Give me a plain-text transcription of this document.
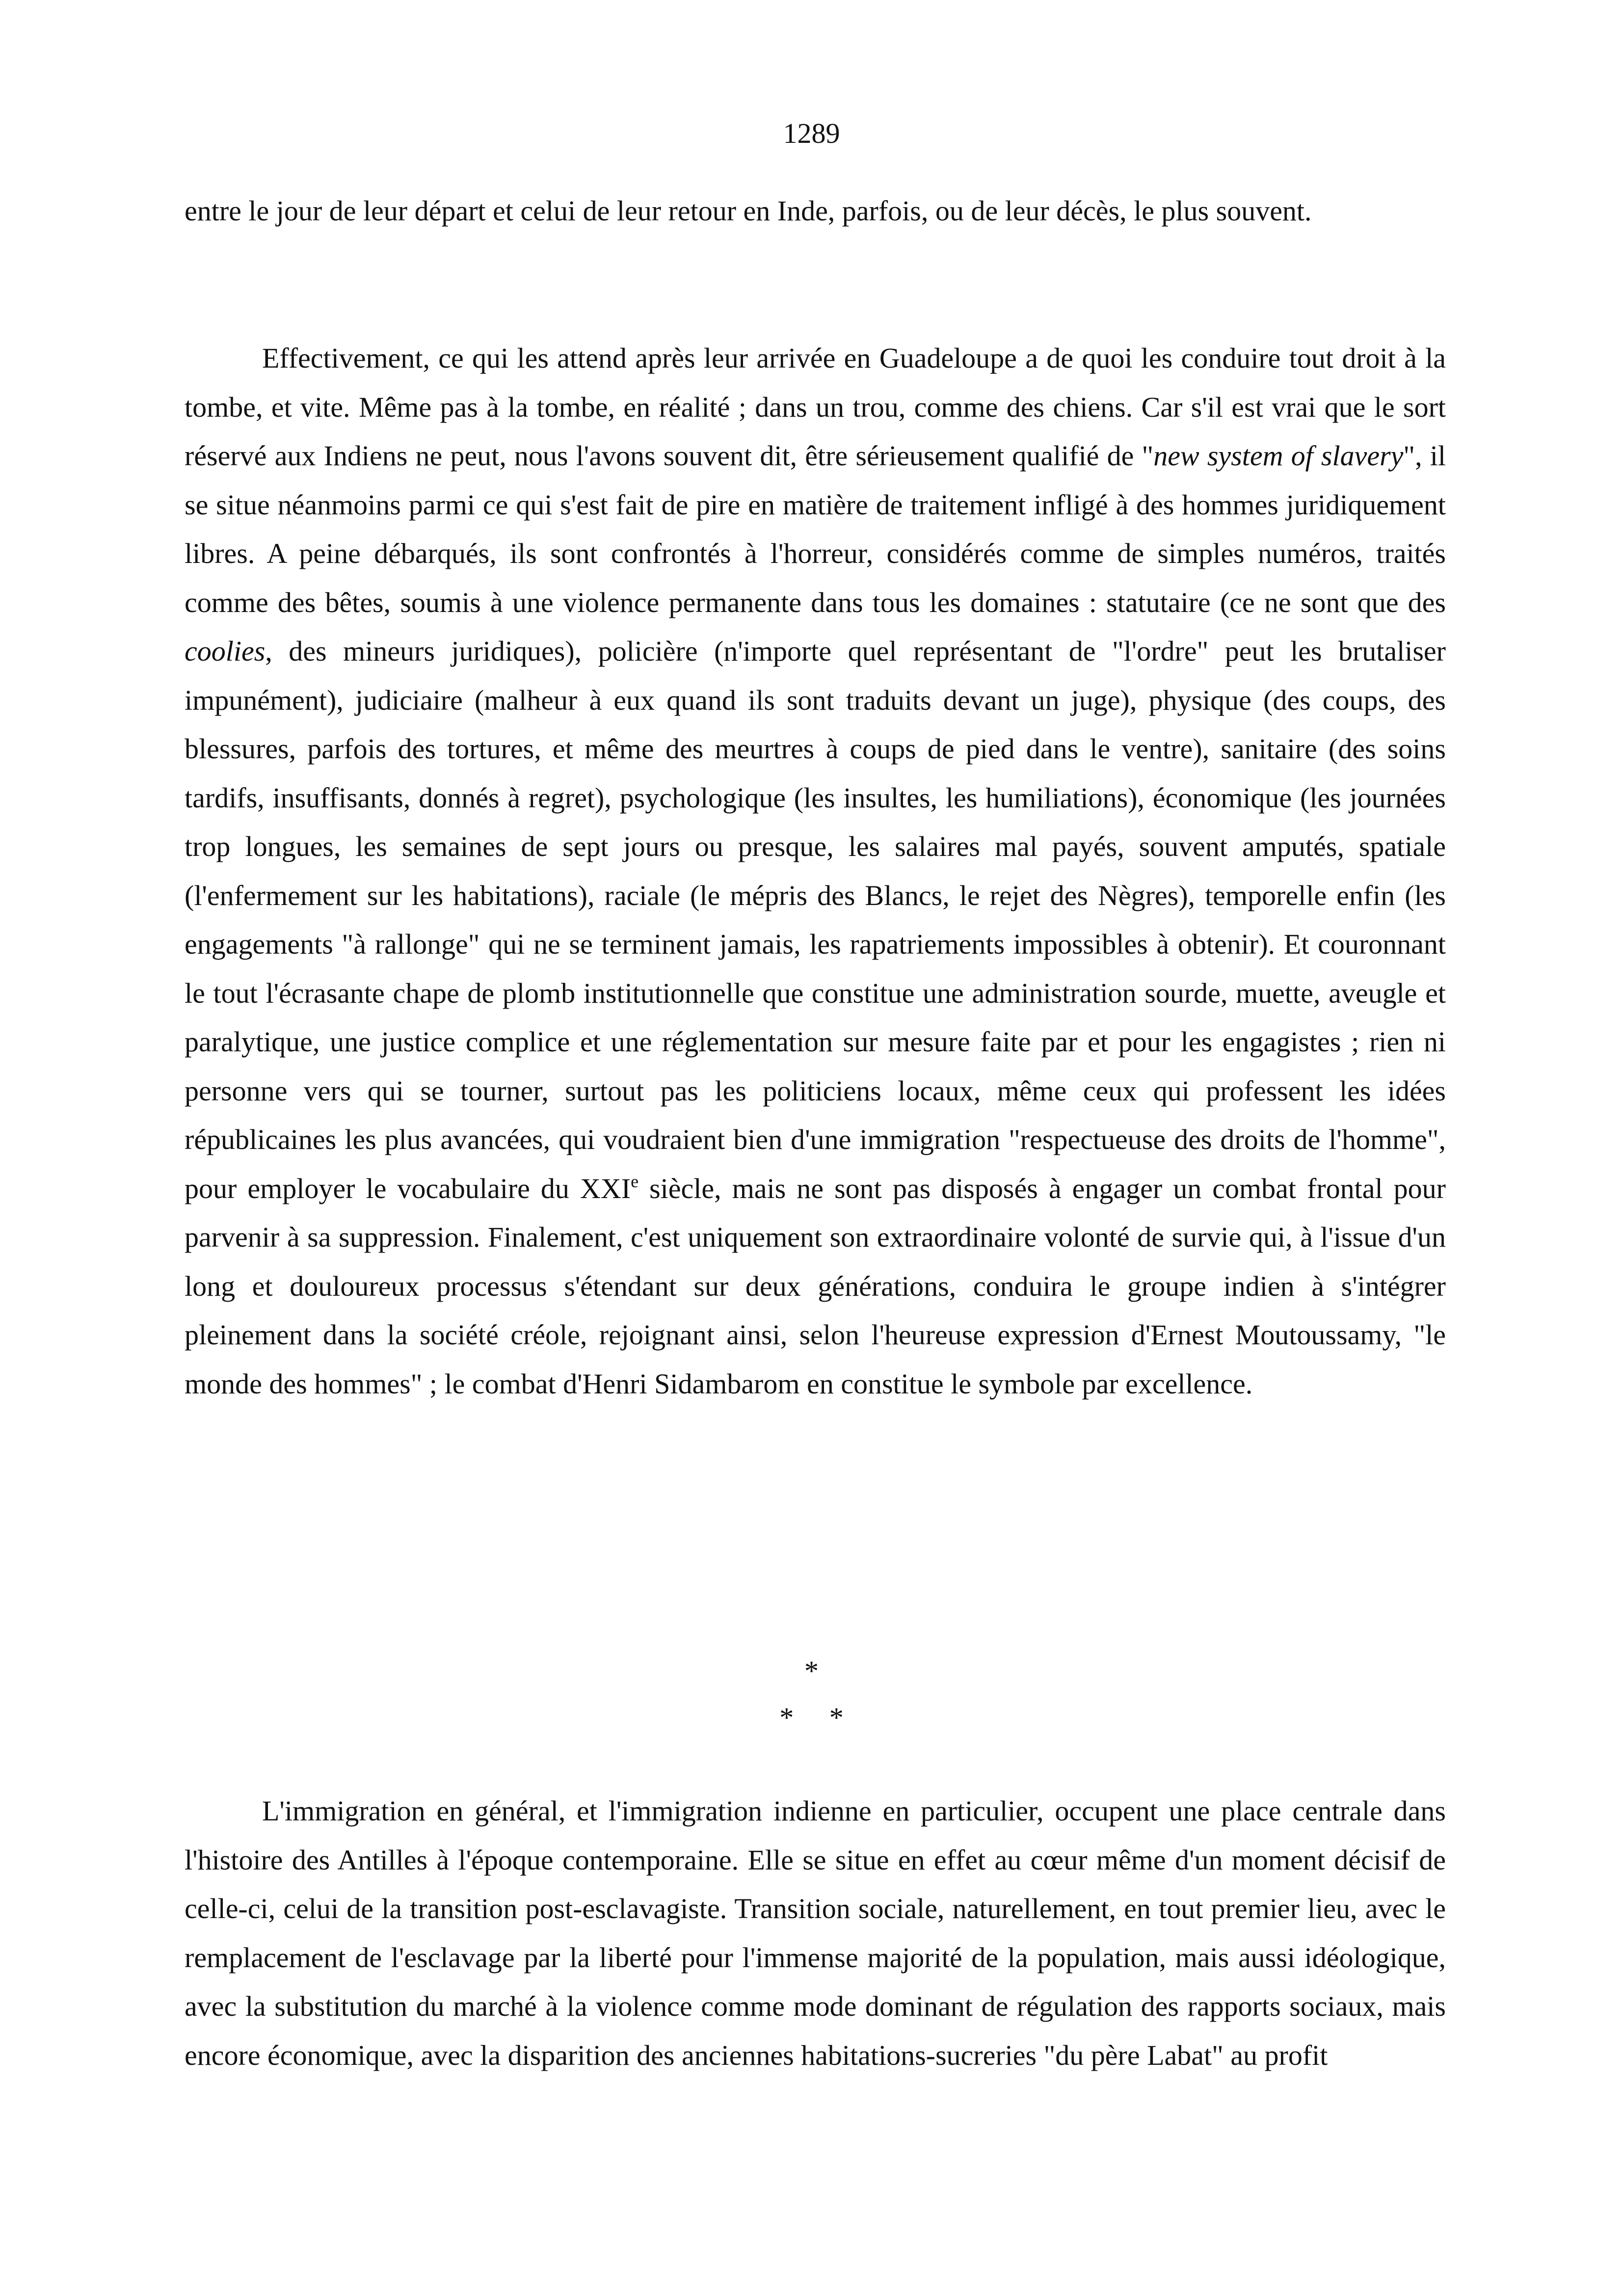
1289

entre le jour de leur départ et celui de leur retour en Inde, parfois, ou de leur décès, le plus souvent.

Effectivement, ce qui les attend après leur arrivée en Guadeloupe a de quoi les conduire tout droit à la tombe, et vite. Même pas à la tombe, en réalité ; dans un trou, comme des chiens. Car s'il est vrai que le sort réservé aux Indiens ne peut, nous l'avons souvent dit, être sérieusement qualifié de "new system of slavery", il se situe néanmoins parmi ce qui s'est fait de pire en matière de traitement infligé à des hommes juridiquement libres. A peine débarqués, ils sont confrontés à l'horreur, considérés comme de simples numéros, traités comme des bêtes, soumis à une violence permanente dans tous les domaines : statutaire (ce ne sont que des coolies, des mineurs juridiques), policière (n'importe quel représentant de "l'ordre" peut les brutaliser impunément), judiciaire (malheur à eux quand ils sont traduits devant un juge), physique (des coups, des blessures, parfois des tortures, et même des meurtres à coups de pied dans le ventre), sanitaire (des soins tardifs, insuffisants, donnés à regret), psychologique (les insultes, les humiliations), économique (les journées trop longues, les semaines de sept jours ou presque, les salaires mal payés, souvent amputés, spatiale (l'enfermement sur les habitations), raciale (le mépris des Blancs, le rejet des Nègres), temporelle enfin (les engagements "à rallonge" qui ne se terminent jamais, les rapatriements impossibles à obtenir). Et couronnant le tout l'écrasante chape de plomb institutionnelle que constitue une administration sourde, muette, aveugle et paralytique, une justice complice et une réglementation sur mesure faite par et pour les engagistes ; rien ni personne vers qui se tourner, surtout pas les politiciens locaux, même ceux qui professent les idées républicaines les plus avancées, qui voudraient bien d'une immigration "respectueuse des droits de l'homme", pour employer le vocabulaire du XXIe siècle, mais ne sont pas disposés à engager un combat frontal pour parvenir à sa suppression. Finalement, c'est uniquement son extraordinaire volonté de survie qui, à l'issue d'un long et douloureux processus s'étendant sur deux générations, conduira le groupe indien à s'intégrer pleinement dans la société créole, rejoignant ainsi, selon l'heureuse expression d'Ernest Moutoussamy, "le monde des hommes" ; le combat d'Henri Sidambarom en constitue le symbole par excellence.

*
*     *

L'immigration en général, et l'immigration indienne en particulier, occupent une place centrale dans l'histoire des Antilles à l'époque contemporaine. Elle se situe en effet au cœur même d'un moment décisif de celle-ci, celui de la transition post-esclavagiste. Transition sociale, naturellement, en tout premier lieu, avec le remplacement de l'esclavage par la liberté pour l'immense majorité de la population, mais aussi idéologique, avec la substitution du marché à la violence comme mode dominant de régulation des rapports sociaux, mais encore économique, avec la disparition des anciennes habitations-sucreries "du père Labat" au profit
